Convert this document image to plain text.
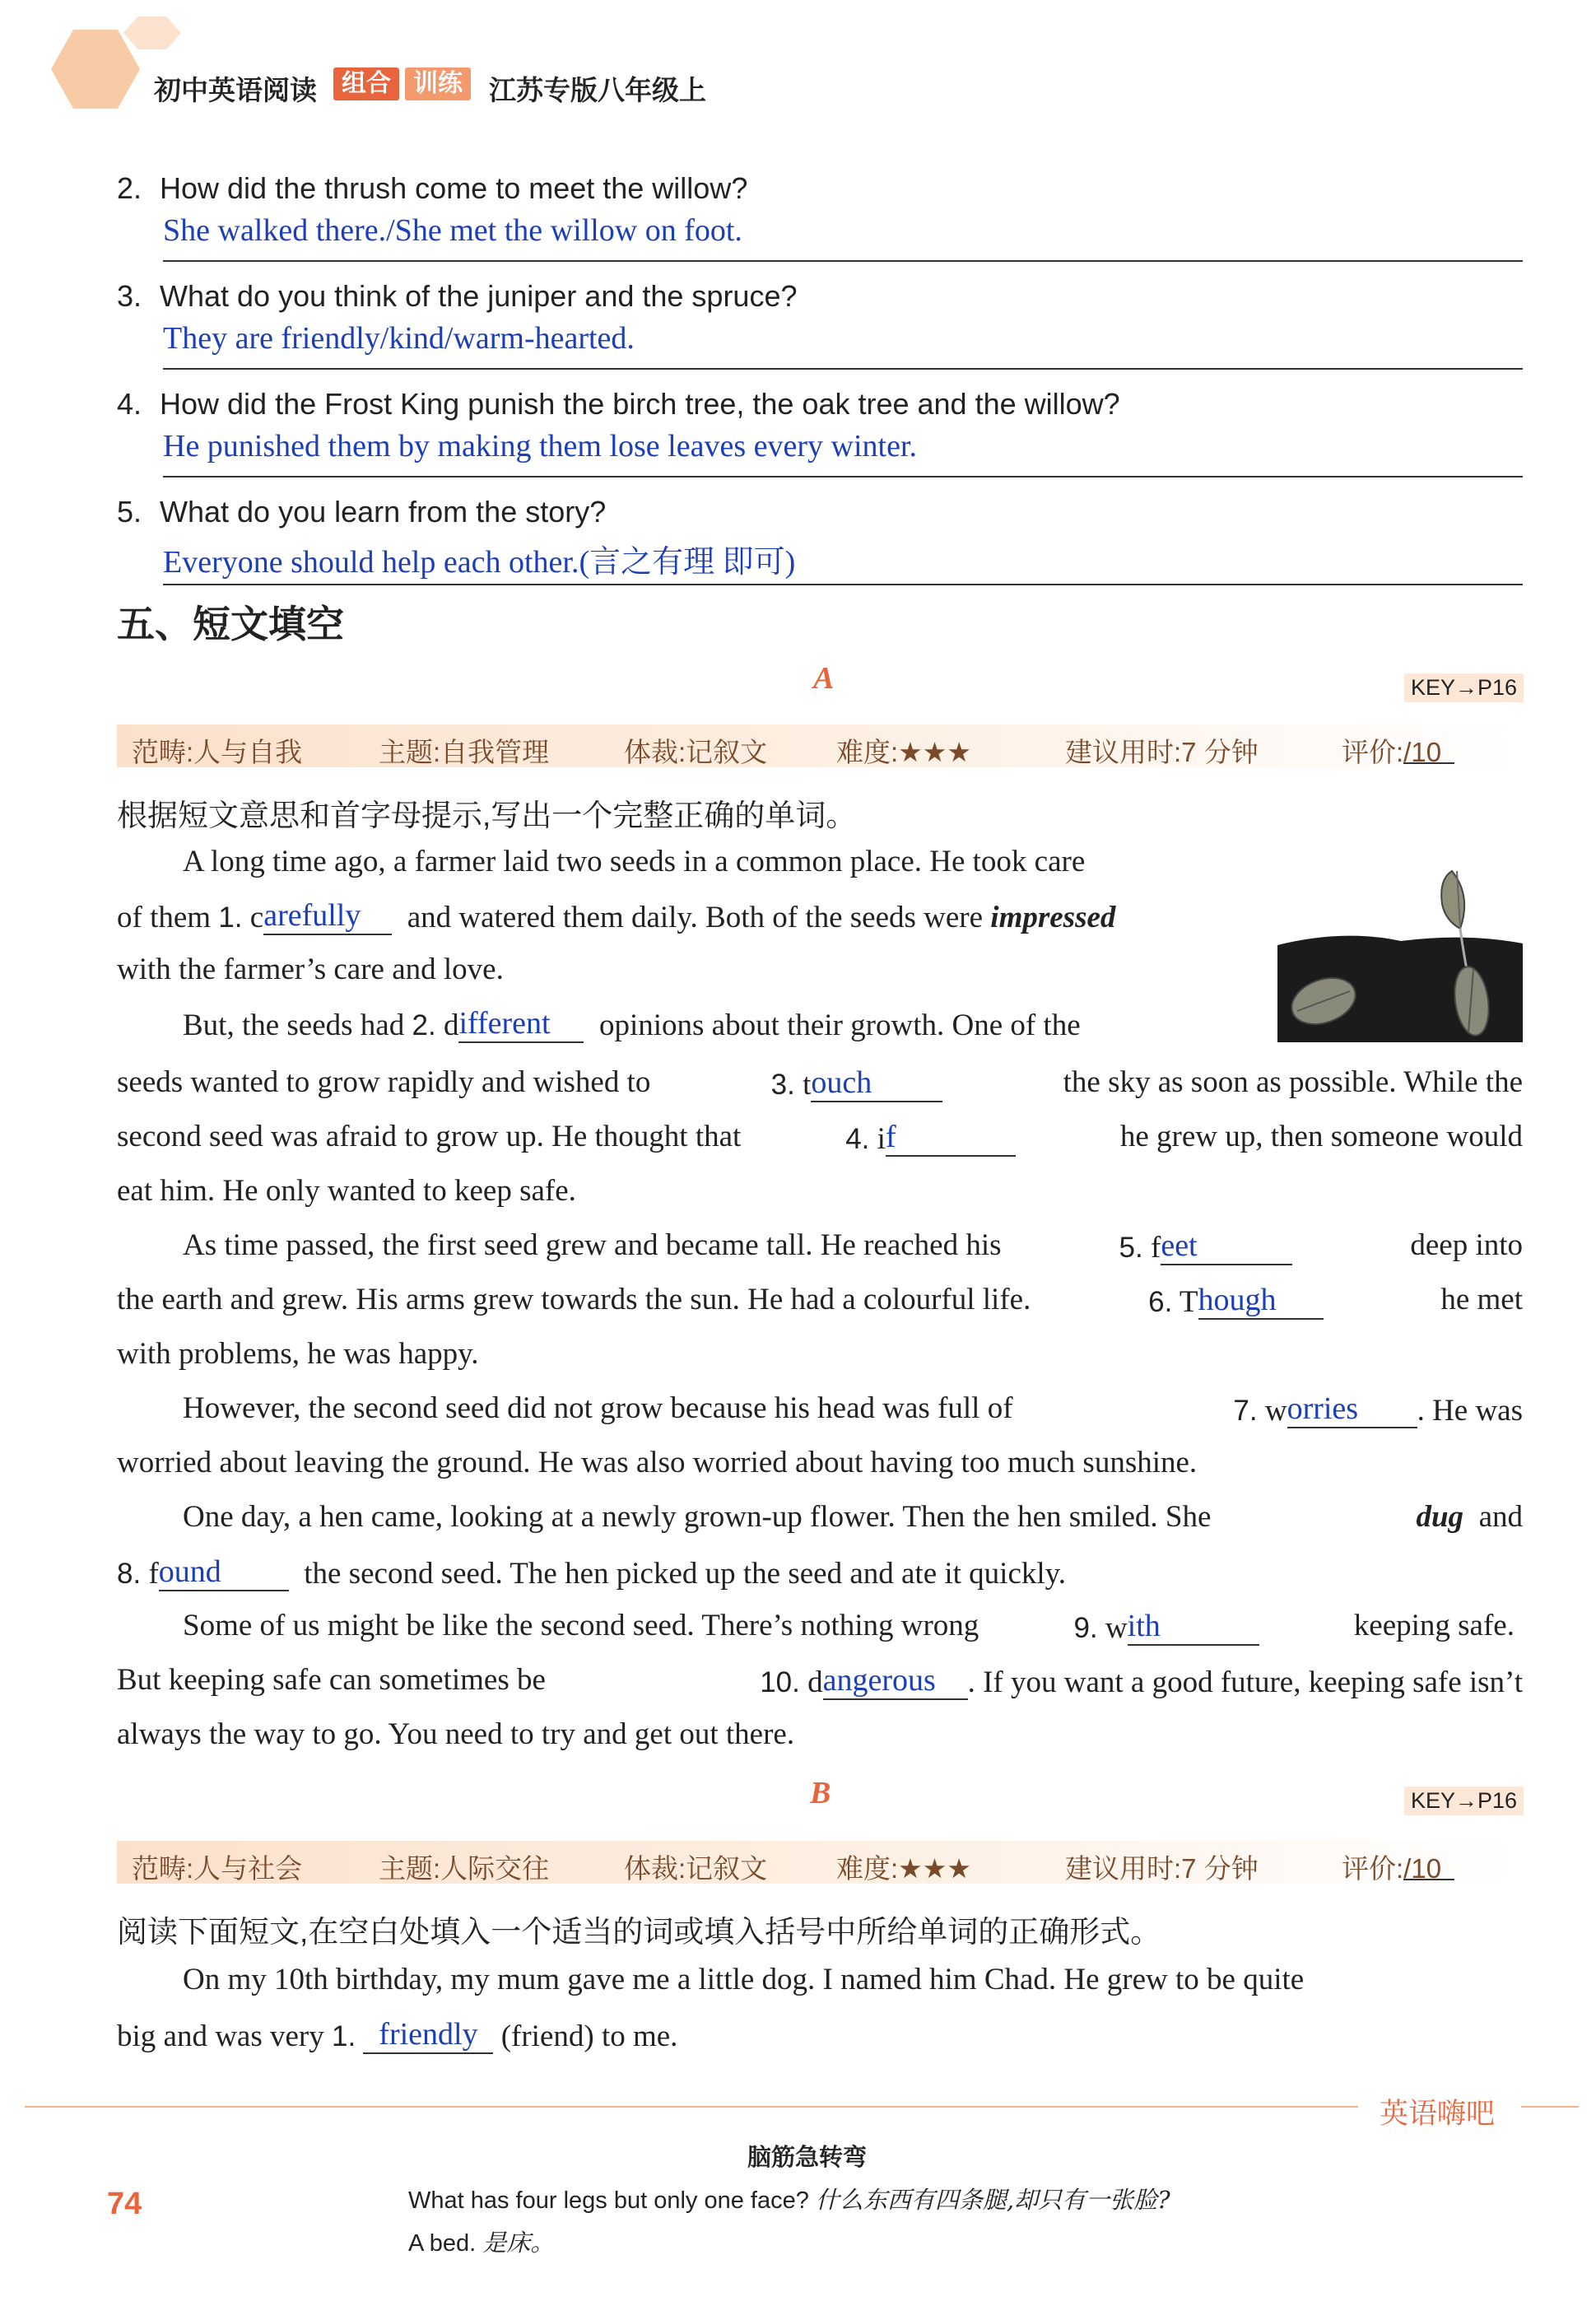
初中英语阅读	组合 训练 江苏专版八年级上
2. How did the thrush come to meet the willow?
She walked there./She met the willow on foot.
3. What do you think of the juniper and the spruce?
They are friendly/kind/warm-hearted.
4. How did the Frost King punish the birch tree, the oak tree and the willow?
He punished them by making them lose leaves every winter.
5. What do you learn from the story?
Everyone should help each other.(言之有理 即可)
五、短文填空
A	KEY→P16
范畴:人与自我	主题:自我管理	体裁:记叙文	难度:★★★	建议用时:7 分钟	评价:
/10
根据短文意思和首字母提示,写出一个完整正确的单词。
A long time ago, a farmer laid two seeds in a common place. He took care
of them 1. carefully and watered them daily. Both of the seeds were impressed
with the farmer’s care and love.
But, the seeds had 2. different opinions about their growth. One of the
seeds wanted to grow rapidly and wished to	3. touch	the sky as soon as possible. While the
second seed was afraid to grow up. He thought that	4. if	he grew up, then someone would
eat him. He only wanted to keep safe.
As time passed, the first seed grew and became tall. He reached his	5. feet	deep into
the earth and grew. His arms grew towards the sun. He had a colourful life.	6. Though	he met
with problems, he was happy.
However, the second seed did not grow because his head was full of	7. worries . He was
worried about leaving the ground. He was also worried about having too much sunshine.
One day, a hen came, looking at a newly grown-up flower. Then the hen smiled. She	dug and
8. found	the second seed. The hen picked up the seed and ate it quickly.
Some of us might be like the second seed. There’s nothing wrong	9. with	keeping safe.
But keeping safe can sometimes be	10. dangerous . If you want a good future, keeping safe isn’t
always the way to go. You need to try and get out there.
B	KEY→P16
范畴:人与社会	主题:人际交往	体裁:记叙文	难度:★★★	建议用时:7 分钟	评价:
/10
阅读下面短文,在空白处填入一个适当的词或填入括号中所给单词的正确形式。
On my 10th birthday, my mum gave me a little dog. I named him Chad. He grew to be quite
big and was very 1. friendly (friend) to me.
英语嗨吧
74
脑筋急转弯
What has four legs but only one face? 什么东西有四条腿,却只有一张脸?
A bed. 是床。
